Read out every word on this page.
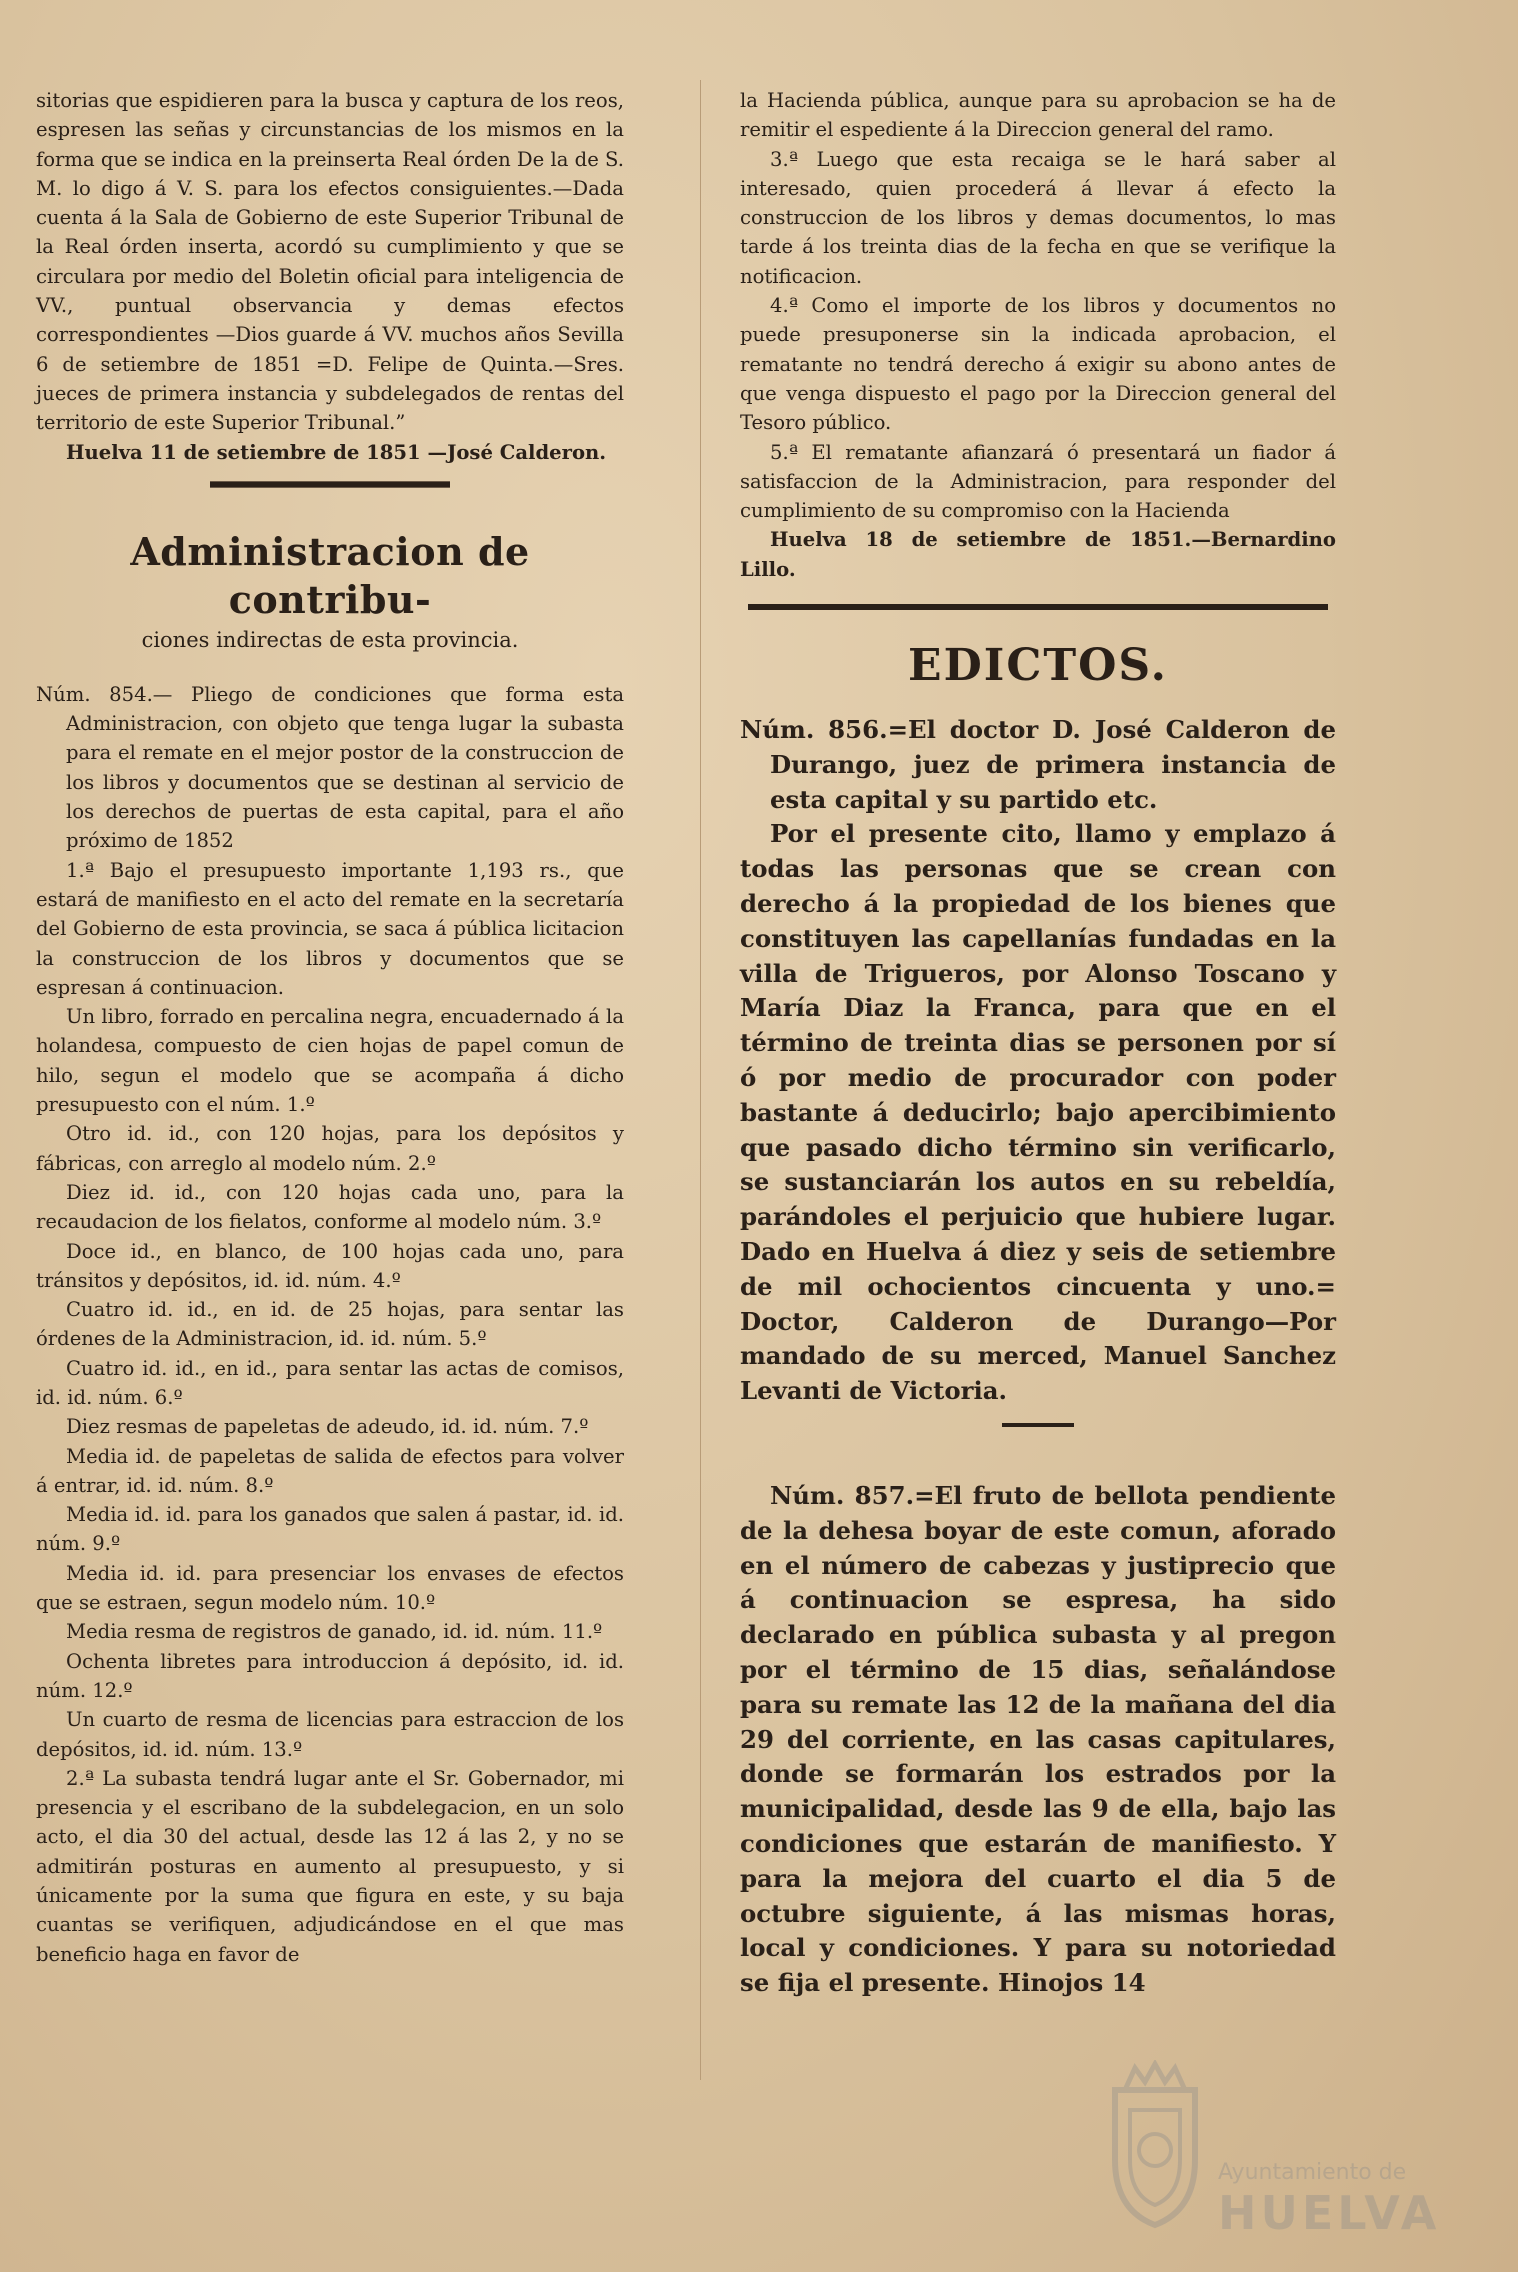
sitorias que espidieren para la busca y captura de los reos, espresen las señas y circunstancias de los mismos en la forma que se indica en la preinserta Real órden De la de S. M. lo digo á V. S. para los efectos consiguientes.—Dada cuenta á la Sala de Gobierno de este Superior Tribunal de la Real órden inserta, acordó su cumplimiento y que se circulara por medio del Boletin oficial para inteligencia de VV., puntual observancia y demas efectos correspondientes —Dios guarde á VV. muchos años Sevilla 6 de setiembre de 1851 =D. Felipe de Quinta.—Sres. jueces de primera instancia y subdelegados de rentas del territorio de este Superior Tribunal.”

Huelva 11 de setiembre de 1851 —José Calderon.

Administracion de contribu-
ciones indirectas de esta provincia.

Núm. 854.— Pliego de condiciones que forma esta Administracion, con objeto que tenga lugar la subasta para el remate en el mejor postor de la construccion de los libros y documentos que se destinan al servicio de los derechos de puertas de esta capital, para el año próximo de 1852

1.ª Bajo el presupuesto importante 1,193 rs., que estará de manifiesto en el acto del remate en la secretaría del Gobierno de esta provincia, se saca á pública licitacion la construccion de los libros y documentos que se espresan á continuacion.

Un libro, forrado en percalina negra, encuadernado á la holandesa, compuesto de cien hojas de papel comun de hilo, segun el modelo que se acompaña á dicho presupuesto con el núm. 1.º

Otro id. id., con 120 hojas, para los depósitos y fábricas, con arreglo al modelo núm. 2.º

Diez id. id., con 120 hojas cada uno, para la recaudacion de los fielatos, conforme al modelo núm. 3.º

Doce id., en blanco, de 100 hojas cada uno, para tránsitos y depósitos, id. id. núm. 4.º

Cuatro id. id., en id. de 25 hojas, para sentar las órdenes de la Administracion, id. id. núm. 5.º

Cuatro id. id., en id., para sentar las actas de comisos, id. id. núm. 6.º

Diez resmas de papeletas de adeudo, id. id. núm. 7.º

Media id. de papeletas de salida de efectos para volver á entrar, id. id. núm. 8.º

Media id. id. para los ganados que salen á pastar, id. id. núm. 9.º

Media id. id. para presenciar los envases de efectos que se estraen, segun modelo núm. 10.º

Media resma de registros de ganado, id. id. núm. 11.º

Ochenta libretes para introduccion á depósito, id. id. núm. 12.º

Un cuarto de resma de licencias para estraccion de los depósitos, id. id. núm. 13.º

2.ª La subasta tendrá lugar ante el Sr. Gobernador, mi presencia y el escribano de la subdelegacion, en un solo acto, el dia 30 del actual, desde las 12 á las 2, y no se admitirán posturas en aumento al presupuesto, y si únicamente por la suma que figura en este, y su baja cuantas se verifiquen, adjudicándose en el que mas beneficio haga en favor de

la Hacienda pública, aunque para su aprobacion se ha de remitir el espediente á la Direccion general del ramo.

3.ª Luego que esta recaiga se le hará saber al interesado, quien procederá á llevar á efecto la construccion de los libros y demas documentos, lo mas tarde á los treinta dias de la fecha en que se verifique la notificacion.

4.ª Como el importe de los libros y documentos no puede presuponerse sin la indicada aprobacion, el rematante no tendrá derecho á exigir su abono antes de que venga dispuesto el pago por la Direccion general del Tesoro público.

5.ª El rematante afianzará ó presentará un fiador á satisfaccion de la Administracion, para responder del cumplimiento de su compromiso con la Hacienda

Huelva 18 de setiembre de 1851.—Bernardino Lillo.

EDICTOS.

Núm. 856.=El doctor D. José Calderon de Durango, juez de primera instancia de esta capital y su partido etc.

Por el presente cito, llamo y emplazo á todas las personas que se crean con derecho á la propiedad de los bienes que constituyen las capellanías fundadas en la villa de Trigueros, por Alonso Toscano y María Diaz la Franca, para que en el término de treinta dias se personen por sí ó por medio de procurador con poder bastante á deducirlo; bajo apercibimiento que pasado dicho término sin verificarlo, se sustanciarán los autos en su rebeldía, parándoles el perjuicio que hubiere lugar. Dado en Huelva á diez y seis de setiembre de mil ochocientos cincuenta y uno.= Doctor, Calderon de Durango—Por mandado de su merced, Manuel Sanchez Levanti de Victoria.

Núm. 857.=El fruto de bellota pendiente de la dehesa boyar de este comun, aforado en el número de cabezas y justiprecio que á continuacion se espresa, ha sido declarado en pública subasta y al pregon por el término de 15 dias, señalándose para su remate las 12 de la mañana del dia 29 del corriente, en las casas capitulares, donde se formarán los estrados por la municipalidad, desde las 9 de ella, bajo las condiciones que estarán de manifiesto. Y para la mejora del cuarto el dia 5 de octubre siguiente, á las mismas horas, local y condiciones. Y para su notoriedad se fija el presente. Hinojos 14

Ayuntamiento de
HUELVA
